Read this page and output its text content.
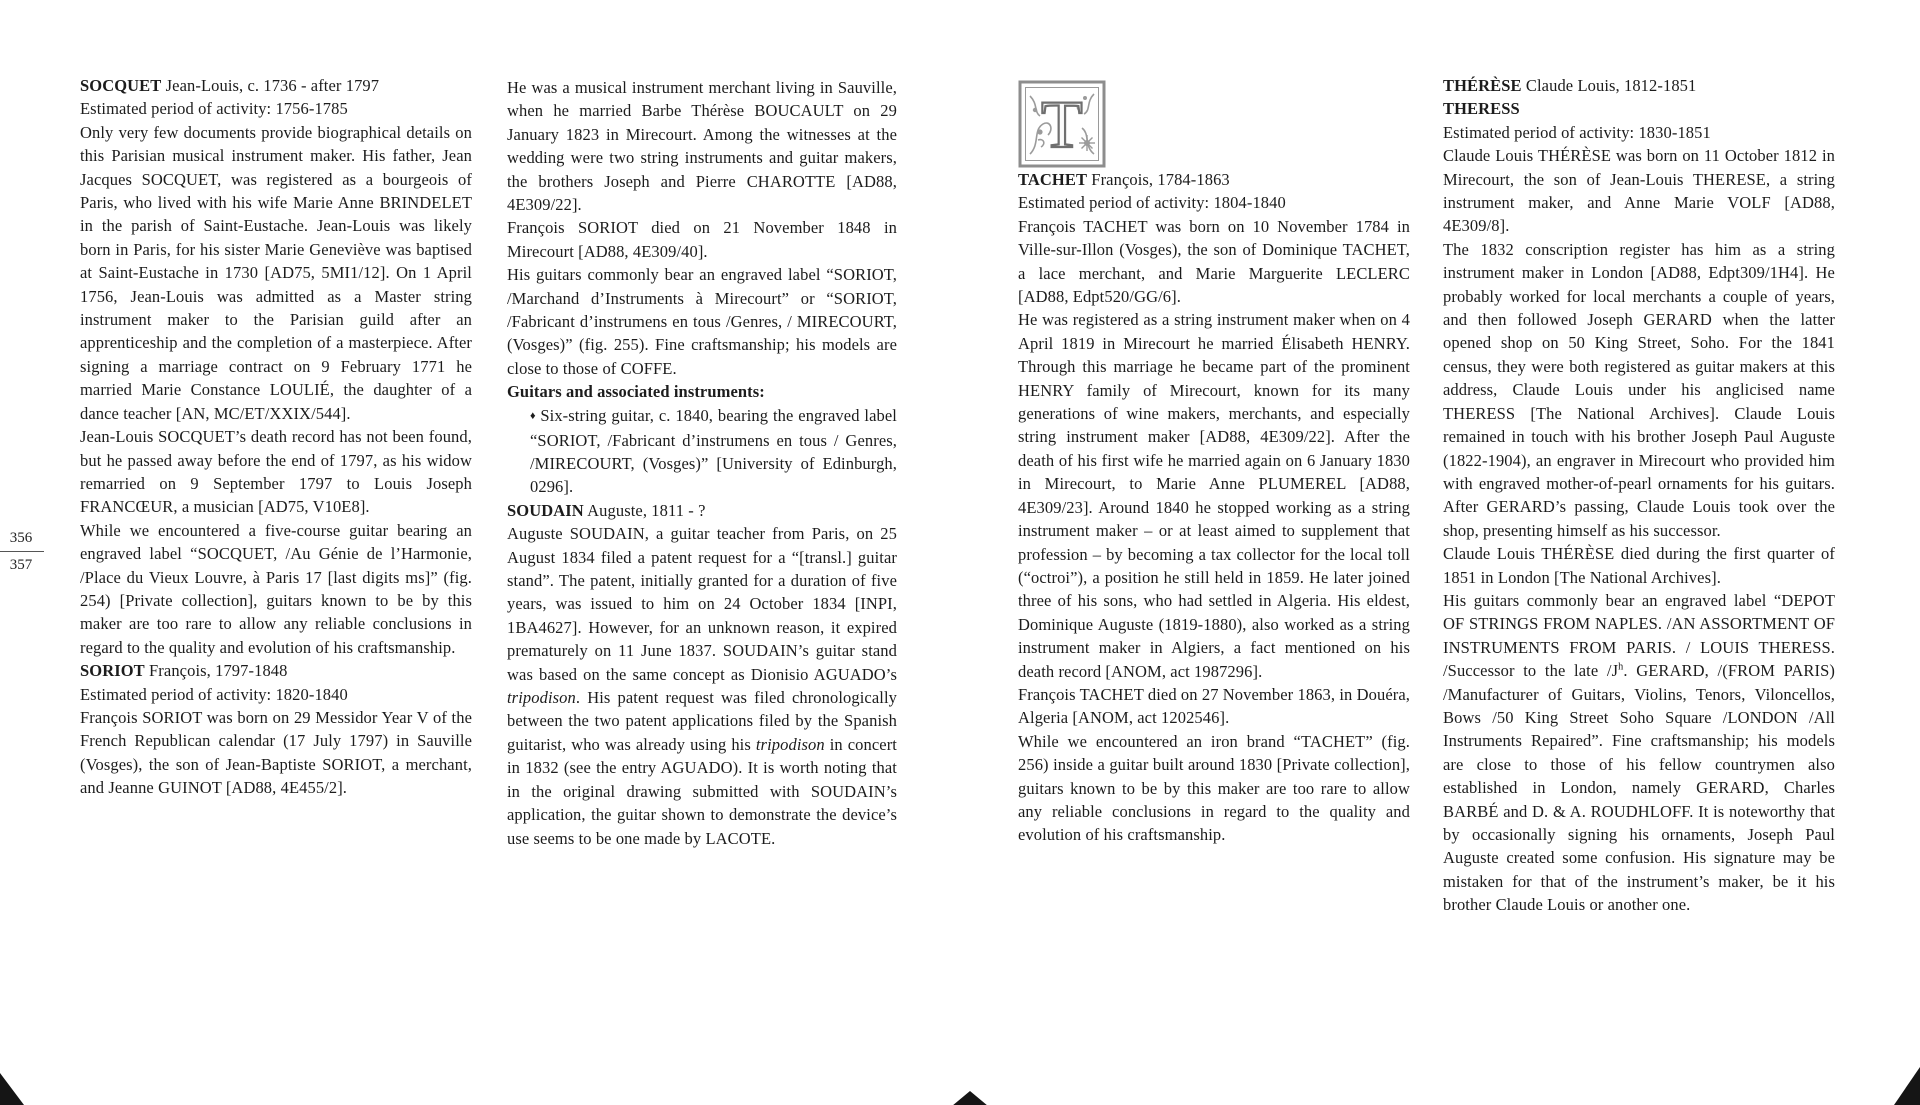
356
357

SOCQUET Jean-Louis, c. 1736 - after 1797

Estimated period of activity: 1756-1785

Only very few documents provide biographical details on this Parisian musical instrument maker. His father, Jean Jacques SOCQUET, was registered as a bourgeois of Paris, who lived with his wife Marie Anne BRINDELET in the parish of Saint-Eustache. Jean-Louis was likely born in Paris, for his sister Marie Geneviève was baptised at Saint-Eustache in 1730 [AD75, 5MI1/12]. On 1 April 1756, Jean-Louis was admitted as a Master string instrument maker to the Parisian guild after an apprenticeship and the completion of a masterpiece. After signing a marriage contract on 9 February 1771 he married Marie Constance LOULIÉ, the daughter of a dance teacher [AN, MC/ET/XXIX/544].

Jean-Louis SOCQUET’s death record has not been found, but he passed away before the end of 1797, as his widow remarried on 9 September 1797 to Louis Joseph FRANCŒUR, a musician [AD75, V10E8].

While we encountered a five-course guitar bearing an engraved label “SOCQUET, /Au Génie de l’Harmonie, /Place du Vieux Louvre, à Paris 17 [last digits ms]” (fig. 254) [Private collection], guitars known to be by this maker are too rare to allow any reliable conclusions in regard to the quality and evolution of his craftsmanship.

SORIOT François, 1797-1848

Estimated period of activity: 1820-1840

François SORIOT was born on 29 Messidor Year V of the French Republican calendar (17 July 1797) in Sauville (Vosges), the son of Jean-Baptiste SORIOT, a merchant, and Jeanne GUINOT [AD88, 4E455/2].

He was a musical instrument merchant living in Sauville, when he married Barbe Thérèse BOUCAULT on 29 January 1823 in Mirecourt. Among the witnesses at the wedding were two string instruments and guitar makers, the brothers Joseph and Pierre CHAROTTE [AD88, 4E309/22].

François SORIOT died on 21 November 1848 in Mirecourt [AD88, 4E309/40].

His guitars commonly bear an engraved label “SORIOT, /Marchand d’Instruments à Mirecourt” or “SORIOT, /Fabricant d’instrumens en tous /Genres, / MIRECOURT, (Vosges)” (fig. 255). Fine craftsmanship; his models are close to those of COFFE.

Guitars and associated instruments:

♦ Six-string guitar, c. 1840, bearing the engraved label “SORIOT, /Fabricant d’instrumens en tous / Genres, /MIRECOURT, (Vosges)” [University of Edinburgh, 0296].

SOUDAIN Auguste, 1811 - ?

Auguste SOUDAIN, a guitar teacher from Paris, on 25 August 1834 filed a patent request for a “[transl.] guitar stand”. The patent, initially granted for a duration of five years, was issued to him on 24 October 1834 [INPI, 1BA4627]. However, for an unknown reason, it expired prematurely on 11 June 1837. SOUDAIN’s guitar stand was based on the same concept as Dionisio AGUADO’s tripodison. His patent request was filed chronologically between the two patent applications filed by the Spanish guitarist, who was already using his tripodison in concert in 1832 (see the entry AGUADO). It is worth noting that in the original drawing submitted with SOUDAIN’s application, the guitar shown to demonstrate the device’s use seems to be one made by LACOTE.

T

TACHET François, 1784-1863

Estimated period of activity: 1804-1840

François TACHET was born on 10 November 1784 in Ville-sur-Illon (Vosges), the son of Dominique TACHET, a lace merchant, and Marie Marguerite LECLERC [AD88, Edpt520/GG/6].

He was registered as a string instrument maker when on 4 April 1819 in Mirecourt he married Élisabeth HENRY. Through this marriage he became part of the prominent HENRY family of Mirecourt, known for its many generations of wine makers, merchants, and especially string instrument maker [AD88, 4E309/22]. After the death of his first wife he married again on 6 January 1830 in Mirecourt, to Marie Anne PLUMEREL [AD88, 4E309/23]. Around 1840 he stopped working as a string instrument maker – or at least aimed to supplement that profession – by becoming a tax collector for the local toll (“octroi”), a position he still held in 1859. He later joined three of his sons, who had settled in Algeria. His eldest, Dominique Auguste (1819-1880), also worked as a string instrument maker in Algiers, a fact mentioned on his death record [ANOM, act 1987296].

François TACHET died on 27 November 1863, in Douéra, Algeria [ANOM, act 1202546].

While we encountered an iron brand “TACHET” (fig. 256) inside a guitar built around 1830 [Private collection], guitars known to be by this maker are too rare to allow any reliable conclusions in regard to the quality and evolution of his craftsmanship.

THÉRÈSE Claude Louis, 1812-1851

THERESS

Estimated period of activity: 1830-1851

Claude Louis THÉRÈSE was born on 11 October 1812 in Mirecourt, the son of Jean-Louis THERESE, a string instrument maker, and Anne Marie VOLF [AD88, 4E309/8].

The 1832 conscription register has him as a string instrument maker in London [AD88, Edpt309/1H4]. He probably worked for local merchants a couple of years, and then followed Joseph GERARD when the latter opened shop on 50 King Street, Soho. For the 1841 census, they were both registered as guitar makers at this address, Claude Louis under his anglicised name THERESS [The National Archives]. Claude Louis remained in touch with his brother Joseph Paul Auguste (1822-1904), an engraver in Mirecourt who provided him with engraved mother-of-pearl ornaments for his guitars. After GERARD’s passing, Claude Louis took over the shop, presenting himself as his successor.

Claude Louis THÉRÈSE died during the first quarter of 1851 in London [The National Archives].

His guitars commonly bear an engraved label “DEPOT OF STRINGS FROM NAPLES. /AN ASSORTMENT OF INSTRUMENTS FROM PARIS. / LOUIS THERESS. /Successor to the late $/J^h$. GERARD, /(FROM PARIS) /Manufacturer of Guitars, Violins, Tenors, Viloncellos, Bows /50 King Street Soho Square /LONDON /All Instruments Repaired”. Fine craftsmanship; his models are close to those of his fellow countrymen also established in London, namely GERARD, Charles BARBÉ and D. & A. ROUDHLOFF. It is noteworthy that by occasionally signing his ornaments, Joseph Paul Auguste created some confusion. His signature may be mistaken for that of the instrument’s maker, be it his brother Claude Louis or another one.
